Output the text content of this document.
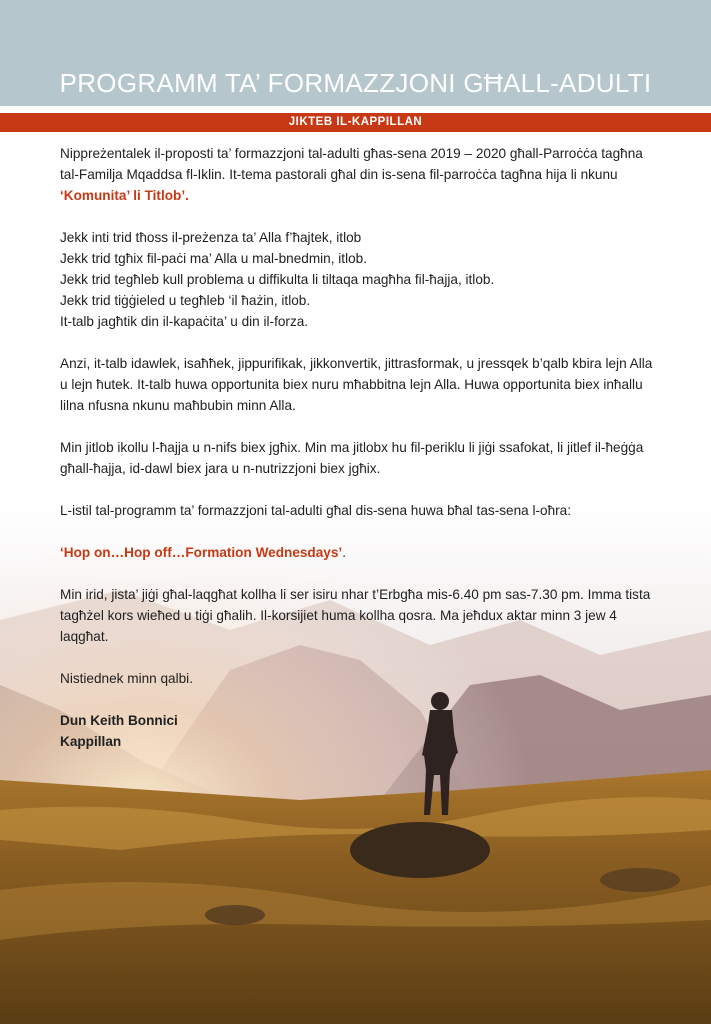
PROGRAMM TA’ FORMAZZJONI GĦALL-ADULTI
JIKTEB IL-KAPPILLAN

Nippreżentalek il-proposti ta’ formazzjoni tal-adulti għas-sena 2019 – 2020 għall-Parroċċa tagħna tal-Familja Mqaddsa fl-Iklin. It-tema pastorali għal din is-sena fil-parroċċa tagħna hija li nkunu
‘Komunita’ li Titlob’.

Jekk inti trid tħoss il-preżenza ta’ Alla f’ħajtek, itlob
Jekk trid tgħix fil-paċi ma’ Alla u mal-bnedmin, itlob.
Jekk trid tegħleb kull problema u diffikulta li tiltaqa magħha fil-ħajja, itlob.
Jekk trid tiġġieled u tegħleb ‘il ħażin, itlob.
It-talb jagħtik din il-kapaċita’ u din il-forza.

Anzi, it-talb idawlek, isaħħek, jippurifikak, jikkonvertik, jittrasformak, u jressqek b’qalb kbira lejn Alla u lejn ħutek. It-talb huwa opportunita biex nuru mħabbitna lejn Alla. Huwa opportunita biex inħallu lilna nfusna nkunu maħbubin minn Alla.

Min jitlob ikollu l-ħajja u n-nifs biex jgħix. Min ma jitlobx hu fil-periklu li jiġi ssafokat, li jitlef il-ħeġġa għall-ħajja, id-dawl biex jara u n-nutrizzjoni biex jgħix.

L-istil tal-programm ta’ formazzjoni tal-adulti għal dis-sena huwa bħal tas-sena l-oħra:

‘Hop on…Hop off…Formation Wednesdays’.

Min irid, jista’ jiġi għal-laqgħat kollha li ser isiru nhar t’Erbgħa mis-6.40 pm sas-7.30 pm. Imma tista tagħżel kors wieħed u tiġi għalih. Il-korsijiet huma kollha qosra. Ma jeħdux aktar minn 3 jew 4 laqgħat.

Nistiednek minn qalbi.

Dun Keith Bonnici
Kappillan
